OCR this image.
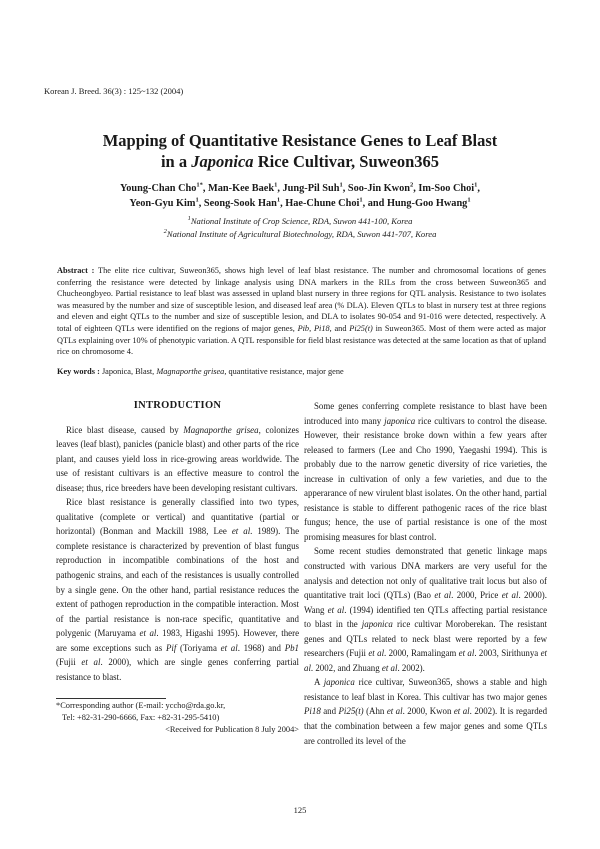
Korean J. Breed. 36(3) : 125~132 (2004)
Mapping of Quantitative Resistance Genes to Leaf Blast
in a Japonica Rice Cultivar, Suweon365
Young-Chan Cho$^{1*}$, Man-Kee Baek$^1$, Jung-Pil Suh$^1$, Soo-Jin Kwon$^2$, Im-Soo Choi$^1$,
Yeon-Gyu Kim$^1$, Seong-Sook Han$^1$, Hae-Chune Choi$^1$, and Hung-Goo Hwang$^1$
$^1$National Institute of Crop Science, RDA, Suwon 441-100, Korea
$^2$National Institute of Agricultural Biotechnology, RDA, Suwon 441-707, Korea
Abstract : The elite rice cultivar, Suweon365, shows high level of leaf blast resistance. The number and chromosomal locations of genes conferring the resistance were detected by linkage analysis using DNA markers in the RILs from the cross between Suweon365 and Chucheongbyeo. Partial resistance to leaf blast was assessed in upland blast nursery in three regions for QTL analysis. Resistance to two isolates was measured by the number and size of susceptible lesion, and diseased leaf area (% DLA). Eleven QTLs to blast in nursery test at three regions and eleven and eight QTLs to the number and size of susceptible lesion, and DLA to isolates 90-054 and 91-016 were detected, respectively. A total of eighteen QTLs were identified on the regions of major genes, Pib, Pi18, and Pi25(t) in Suweon365. Most of them were acted as major QTLs explaining over 10% of phenotypic variation. A QTL responsible for field blast resistance was detected at the same location as that of upland rice on chromosome 4.
Key words : Japonica, Blast, Magnaporthe grisea, quantitative resistance, major gene
INTRODUCTION

Rice blast disease, caused by Magnaporthe grisea, colonizes leaves (leaf blast), panicles (panicle blast) and other parts of the rice plant, and causes yield loss in rice-growing areas worldwide. The use of resistant cultivars is an effective measure to control the disease; thus, rice breeders have been developing resistant cultivars.

Rice blast resistance is generally classified into two types, qualitative (complete or vertical) and quantitative (partial or horizontal) (Bonman and Mackill 1988, Lee et al. 1989). The complete resistance is characterized by prevention of blast fungus reproduction in incompatible combinations of the host and pathogenic strains, and each of the resistances is usually controlled by a single gene. On the other hand, partial resistance reduces the extent of pathogen reproduction in the compatible interaction. Most of the partial resistance is non-race specific, quantitative and polygenic (Maruyama et al. 1983, Higashi 1995). However, there are some exceptions such as Pif (Toriyama et al. 1968) and Pb1 (Fujii et al. 2000), which are single genes conferring partial resistance to blast.

*Corresponding author (E-mail: yccho@rda.go.kr,
Tel: +82-31-290-6666, Fax: +82-31-295-5410)
<Received for Publication 8 July 2004>

Some genes conferring complete resistance to blast have been introduced into many japonica rice cultivars to control the disease. However, their resistance broke down within a few years after released to farmers (Lee and Cho 1990, Yaegashi 1994). This is probably due to the narrow genetic diversity of rice varieties, the increase in cultivation of only a few varieties, and due to the apperarance of new virulent blast isolates. On the other hand, partial resistance is stable to different pathogenic races of the rice blast fungus; hence, the use of partial resistance is one of the most promising measures for blast control.

Some recent studies demonstrated that genetic linkage maps constructed with various DNA markers are very useful for the analysis and detection not only of qualitative trait locus but also of quantitative trait loci (QTLs) (Bao et al. 2000, Price et al. 2000). Wang et al. (1994) identified ten QTLs affecting partial resistance to blast in the japonica rice cultivar Moroberekan. The resistant genes and QTLs related to neck blast were reported by a few researchers (Fujii et al. 2000, Ramalingam et al. 2003, Sirithunya et al. 2002, and Zhuang et al. 2002).

A japonica rice cultivar, Suweon365, shows a stable and high resistance to leaf blast in Korea. This cultivar has two major genes Pi18 and Pi25(t) (Ahn et al. 2000, Kwon et al. 2002). It is regarded that the combination between a few major genes and some QTLs are controlled its level of the

125
